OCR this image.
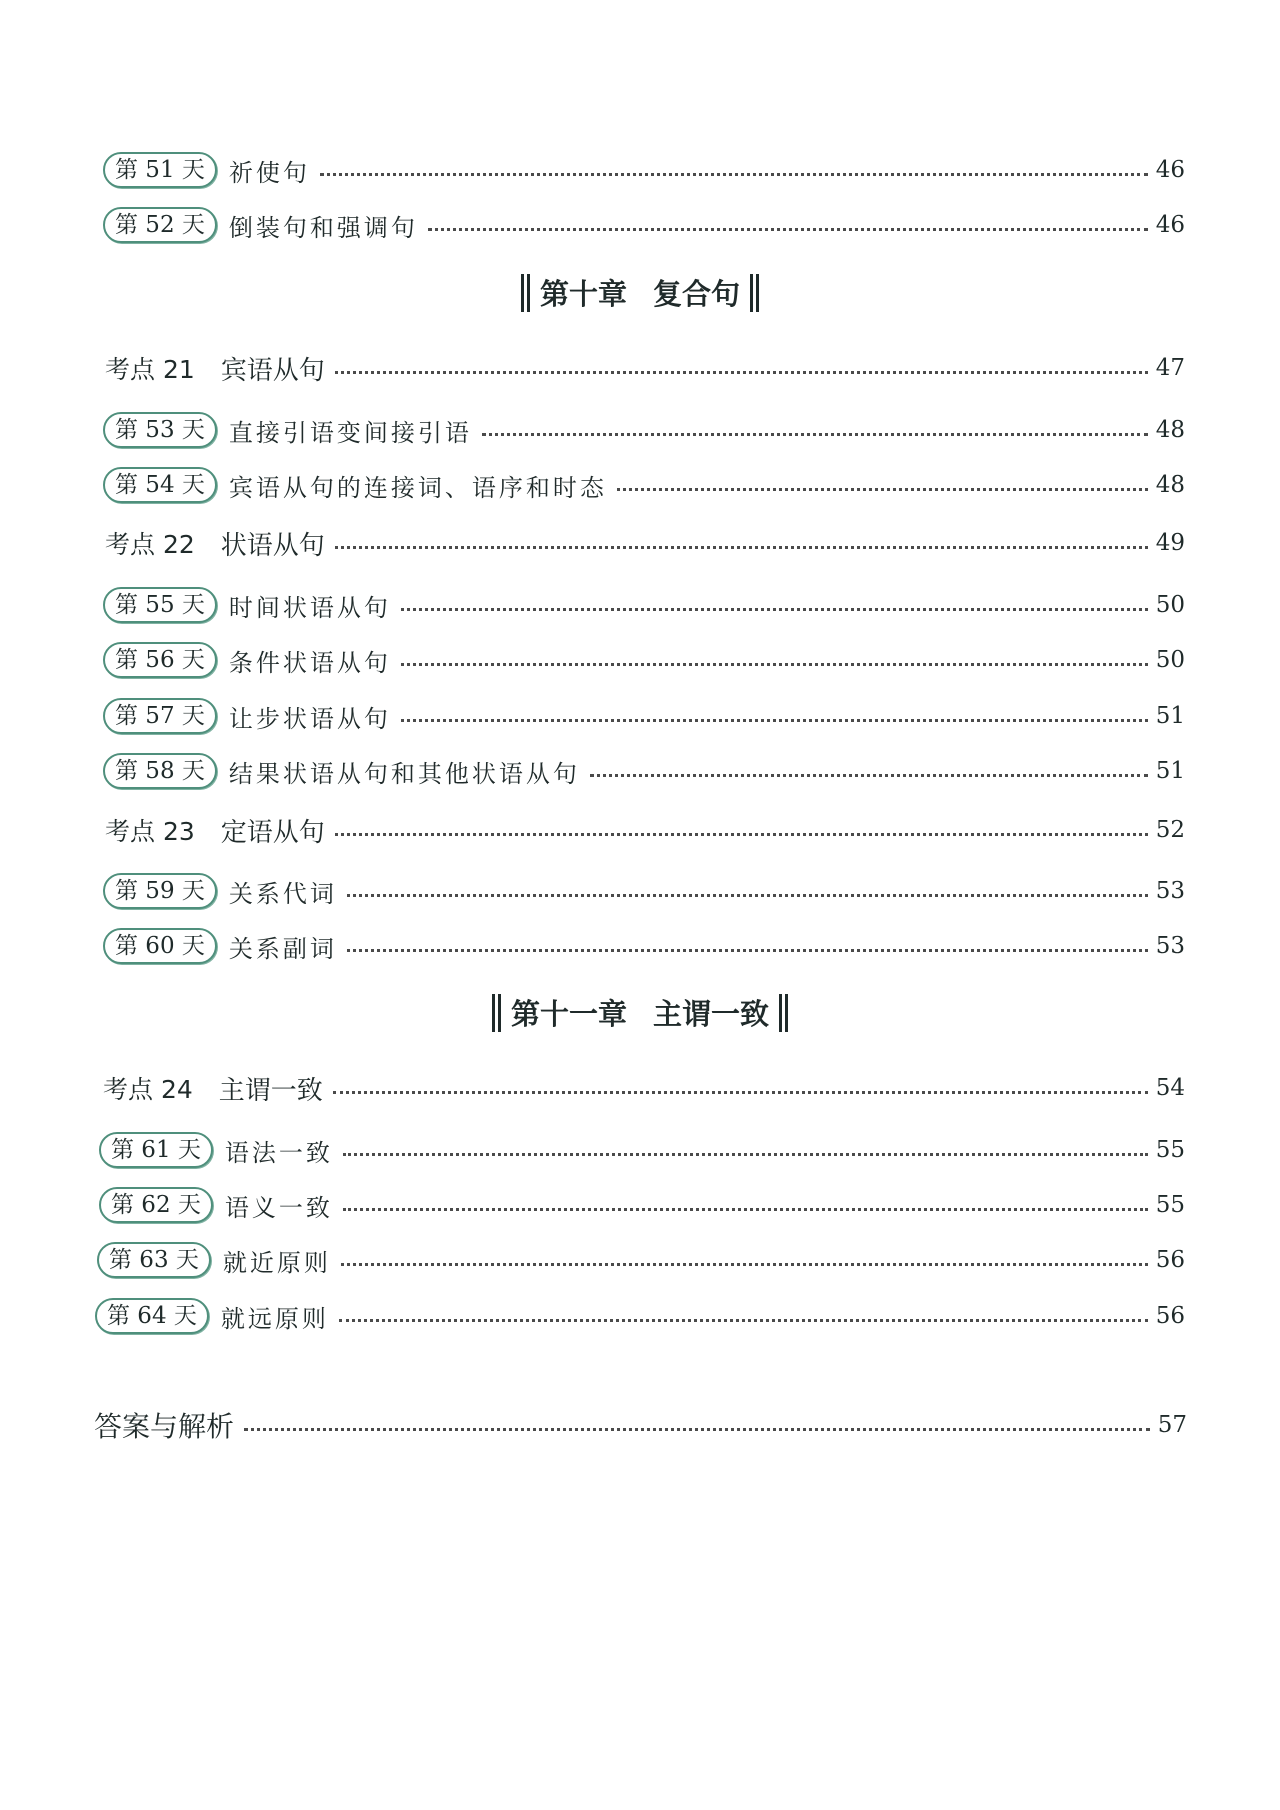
第 51 天	祈使句	46
第 52 天	倒装句和强调句	46
第十章 复合句
考点 21 宾语从句	47
第 53 天	直接引语变间接引语	48
第 54 天	宾语从句的连接词、语序和时态	48
考点 22 状语从句	49
第 55 天	时间状语从句	50
第 56 天	条件状语从句	50
第 57 天	让步状语从句	51
第 58 天	结果状语从句和其他状语从句	51
考点 23 定语从句	52
第 59 天	关系代词	53
第 60 天	关系副词	53
第十一章 主谓一致
考点 24 主谓一致	54
第 61 天	语法一致	55
第 62 天	语义一致	55
第 63 天	就近原则	56
第 64 天	就远原则	56
答案与解析	57
